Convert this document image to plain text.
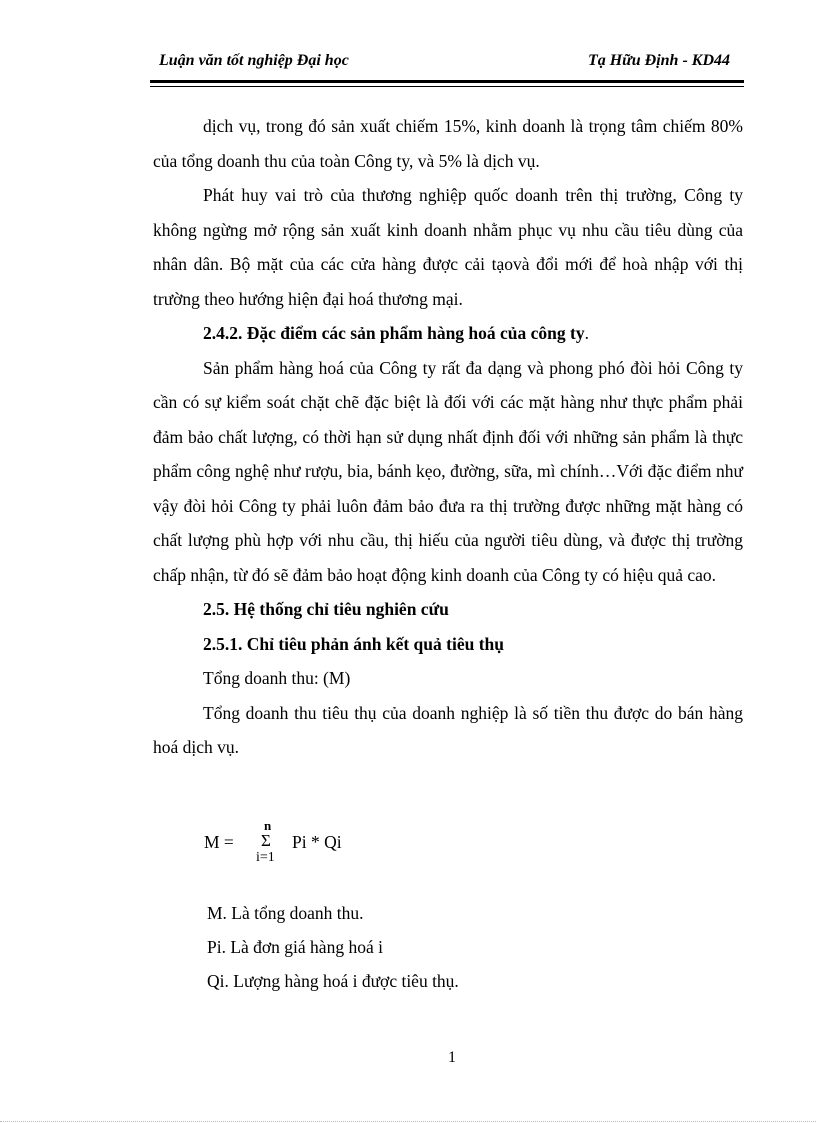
Luận văn tốt nghiệp Đại học	Tạ Hữu Định - KD44

dịch vụ, trong đó sản xuất chiếm 15%, kinh doanh là trọng tâm chiếm 80% của tổng doanh thu của toàn Công ty, và 5% là dịch vụ.

Phát huy vai trò của thương nghiệp quốc doanh trên thị trường, Công ty không ngừng mở rộng sản xuất kinh doanh nhằm phục vụ nhu cầu tiêu dùng của nhân dân. Bộ mặt của các cửa hàng được cải tạovà đổi mới để hoà nhập với thị trường theo hướng hiện đại hoá thương mại.

2.4.2. Đặc điểm các sản phẩm hàng hoá của công ty.

Sản phẩm hàng hoá của Công ty rất đa dạng và phong phó đòi hỏi Công ty cần có sự kiểm soát chặt chẽ đặc biệt là đối với các mặt hàng như thực phẩm phải đảm bảo chất lượng, có thời hạn sử dụng nhất định đối với những sản phẩm là thực phẩm công nghệ như rượu, bia, bánh kẹo, đường, sữa, mì chính…Với đặc điểm như vậy đòi hỏi Công ty phải luôn đảm bảo đưa ra thị trường được những mặt hàng có chất lượng phù hợp với nhu cầu, thị hiếu của người tiêu dùng, và được thị trường chấp nhận, từ đó sẽ đảm bảo hoạt động kinh doanh của Công ty có hiệu quả cao.

2.5. Hệ thống chỉ tiêu nghiên cứu

2.5.1. Chỉ tiêu phản ánh kết quả tiêu thụ

Tổng doanh thu: (M)

Tổng doanh thu tiêu thụ của doanh nghiệp là số tiền thu được do bán hàng hoá dịch vụ.

M =
n
Σ
i=1
Pi * Qi
M. Là tổng doanh thu.
Pi. Là đơn giá hàng hoá i
Qi. Lượng hàng hoá i được tiêu thụ.
1
